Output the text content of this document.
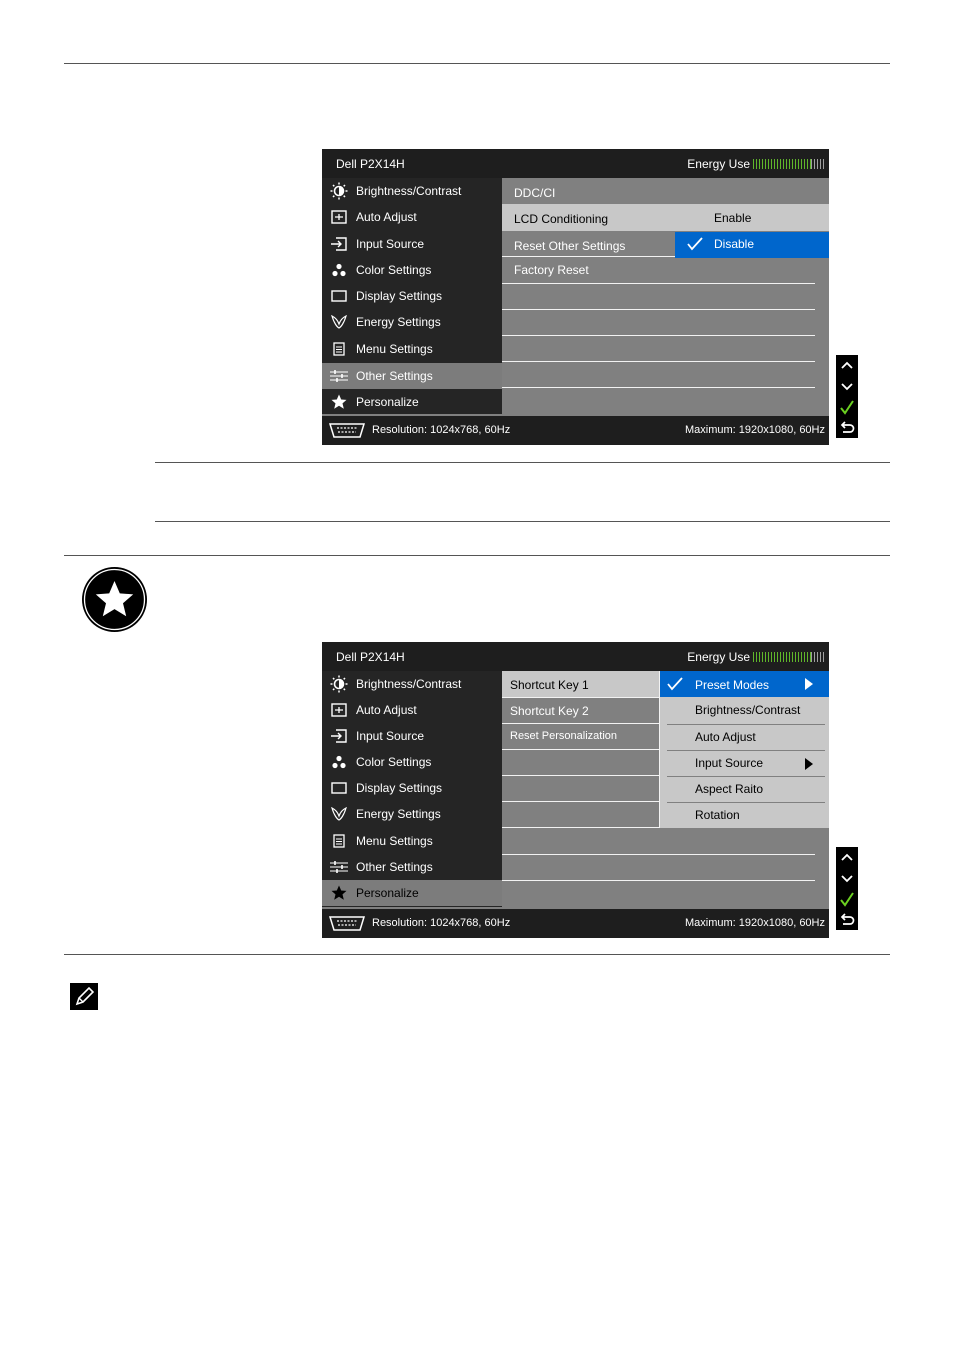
Dell P2X14H	Energy Use
Brightness/Contrast
Auto Adjust
Input Source
Color Settings
Display Settings
Energy Settings
Menu Settings
Other Settings
Personalize
DDC/CI
LCD Conditioning
Reset Other Settings
Factory Reset
Enable
Disable
Resolution: 1024x768, 60Hz	Maximum: 1920x1080, 60Hz
Dell P2X14H	Energy Use
Brightness/Contrast
Auto Adjust
Input Source
Color Settings
Display Settings
Energy Settings
Menu Settings
Other Settings
Personalize
Shortcut Key 1
Shortcut Key 2
Reset Personalization
Preset Modes
Brightness/Contrast
Auto Adjust
Input Source
Aspect Raito
Rotation
Resolution: 1024x768, 60Hz	Maximum: 1920x1080, 60Hz
